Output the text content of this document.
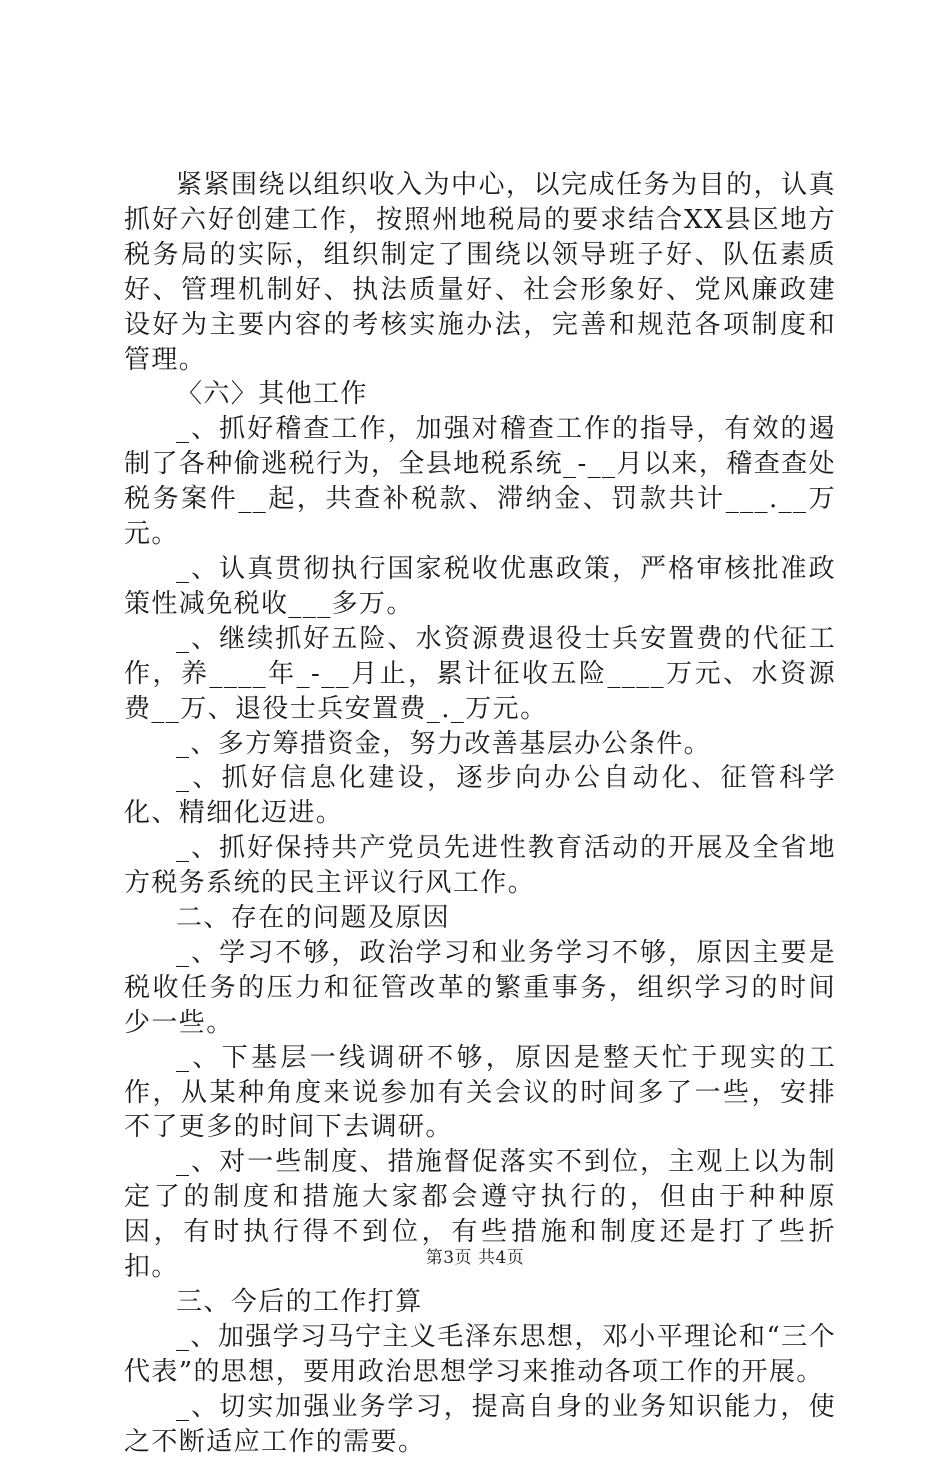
紧紧围绕以组织收入为中心，以完成任务为目的，认真抓好六好创建工作，按照州地税局的要求结合XX县区地方税务局的实际，组织制定了围绕以领导班子好、队伍素质好、管理机制好、执法质量好、社会形象好、党风廉政建设好为主要内容的考核实施办法，完善和规范各项制度和管理。

〈六〉其他工作

_、抓好稽查工作，加强对稽查工作的指导，有效的遏制了各种偷逃税行为，全县地税系统_-__月以来，稽查查处税务案件__起，共查补税款、滞纳金、罚款共计___.__万元。

_、认真贯彻执行国家税收优惠政策，严格审核批准政策性减免税收___多万。

_、继续抓好五险、水资源费退役士兵安置费的代征工作，养____年_-__月止，累计征收五险____万元、水资源费__万、退役士兵安置费_._万元。

_、多方筹措资金，努力改善基层办公条件。

_、抓好信息化建设，逐步向办公自动化、征管科学化、精细化迈进。

_、抓好保持共产党员先进性教育活动的开展及全省地方税务系统的民主评议行风工作。

二、存在的问题及原因

_、学习不够，政治学习和业务学习不够，原因主要是税收任务的压力和征管改革的繁重事务，组织学习的时间少一些。

_、下基层一线调研不够，原因是整天忙于现实的工作，从某种角度来说参加有关会议的时间多了一些，安排不了更多的时间下去调研。

_、对一些制度、措施督促落实不到位，主观上以为制定了的制度和措施大家都会遵守执行的，但由于种种原因，有时执行得不到位，有些措施和制度还是打了些折扣。

三、今后的工作打算

_、加强学习马宁主义毛泽东思想，邓小平理论和“三个代表”的思想，要用政治思想学习来推动各项工作的开展。

_、切实加强业务学习，提高自身的业务知识能力，使之不断适应工作的需要。

第3页 共4页
